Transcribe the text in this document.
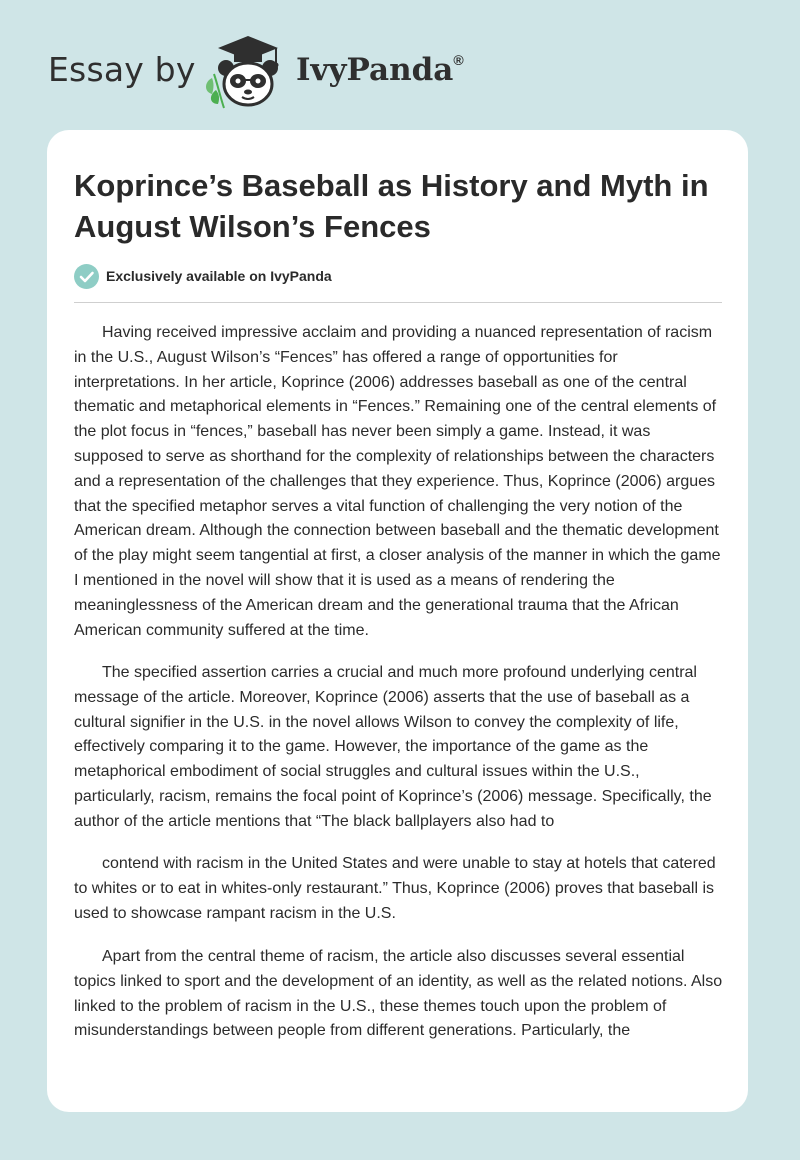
Essay by	IvyPanda®
Koprince’s Baseball as History and Myth in August Wilson’s Fences
Exclusively available on IvyPanda

Having received impressive acclaim and providing a nuanced representation of racism in the U.S., August Wilson’s “Fences” has offered a range of opportunities for interpretations. In her article, Koprince (2006) addresses baseball as one of the central thematic and metaphorical elements in “Fences.” Remaining one of the central elements of the plot focus in “fences,” baseball has never been simply a game. Instead, it was supposed to serve as shorthand for the complexity of relationships between the characters and a representation of the challenges that they experience. Thus, Koprince (2006) argues that the specified metaphor serves a vital function of challenging the very notion of the American dream. Although the connection between baseball and the thematic development of the play might seem tangential at first, a closer analysis of the manner in which the game I mentioned in the novel will show that it is used as a means of rendering the meaninglessness of the American dream and the generational trauma that the African American community suffered at the time.

The specified assertion carries a crucial and much more profound underlying central message of the article. Moreover, Koprince (2006) asserts that the use of baseball as a cultural signifier in the U.S. in the novel allows Wilson to convey the complexity of life, effectively comparing it to the game. However, the importance of the game as the metaphorical embodiment of social struggles and cultural issues within the U.S., particularly, racism, remains the focal point of Koprince’s (2006) message. Specifically, the author of the article mentions that “The black ballplayers also had to

contend with racism in the United States and were unable to stay at hotels that catered to whites or to eat in whites-only restaurant.” Thus, Koprince (2006) proves that baseball is used to showcase rampant racism in the U.S.

Apart from the central theme of racism, the article also discusses several essential topics linked to sport and the development of an identity, as well as the related notions. Also linked to the problem of racism in the U.S., these themes touch upon the problem of misunderstandings between people from different generations. Particularly, the
